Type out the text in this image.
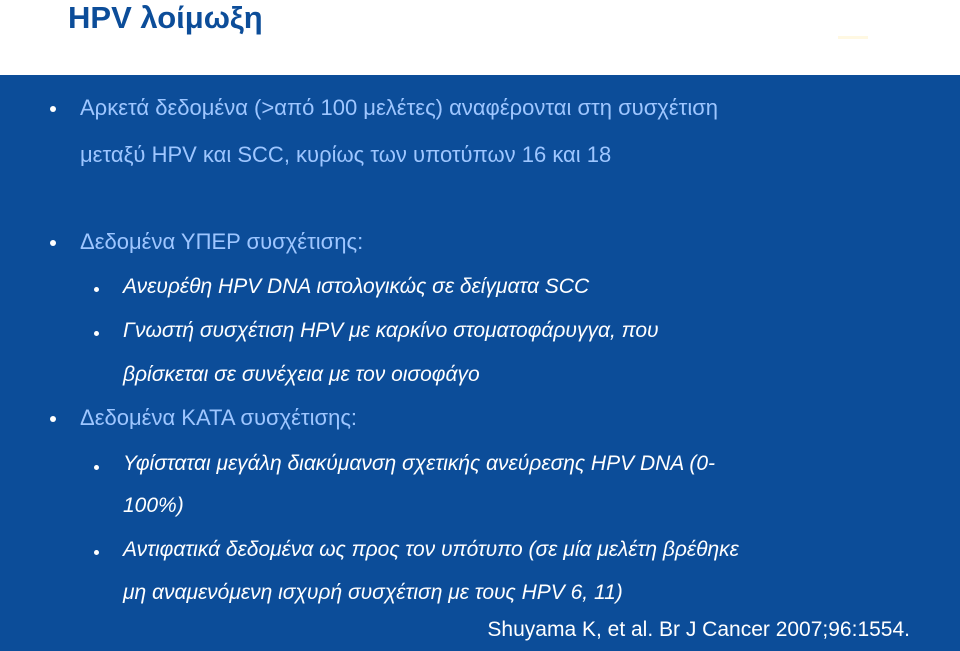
HPV λοίμωξη
Αρκετά δεδομένα (>από 100 μελέτες) αναφέρονται στη συσχέτιση
μεταξύ HPV και SCC, κυρίως των υποτύπων 16 και 18
Δεδομένα ΥΠΕΡ συσχέτισης:
Ανευρέθη HPV DNA ιστολογικώς σε δείγματα SCC
Γνωστή συσχέτιση HPV με καρκίνο στοματοφάρυγγα, που
βρίσκεται σε συνέχεια με τον οισοφάγο
Δεδομένα ΚΑΤΑ συσχέτισης:
Υφίσταται μεγάλη διακύμανση σχετικής ανεύρεσης HPV DNA (0-
100%)
Αντιφατικά δεδομένα ως προς τον υπότυπο (σε μία μελέτη βρέθηκε
μη αναμενόμενη ισχυρή συσχέτιση με τους HPV 6, 11)
Shuyama K, et al. Br J Cancer 2007;96:1554.
